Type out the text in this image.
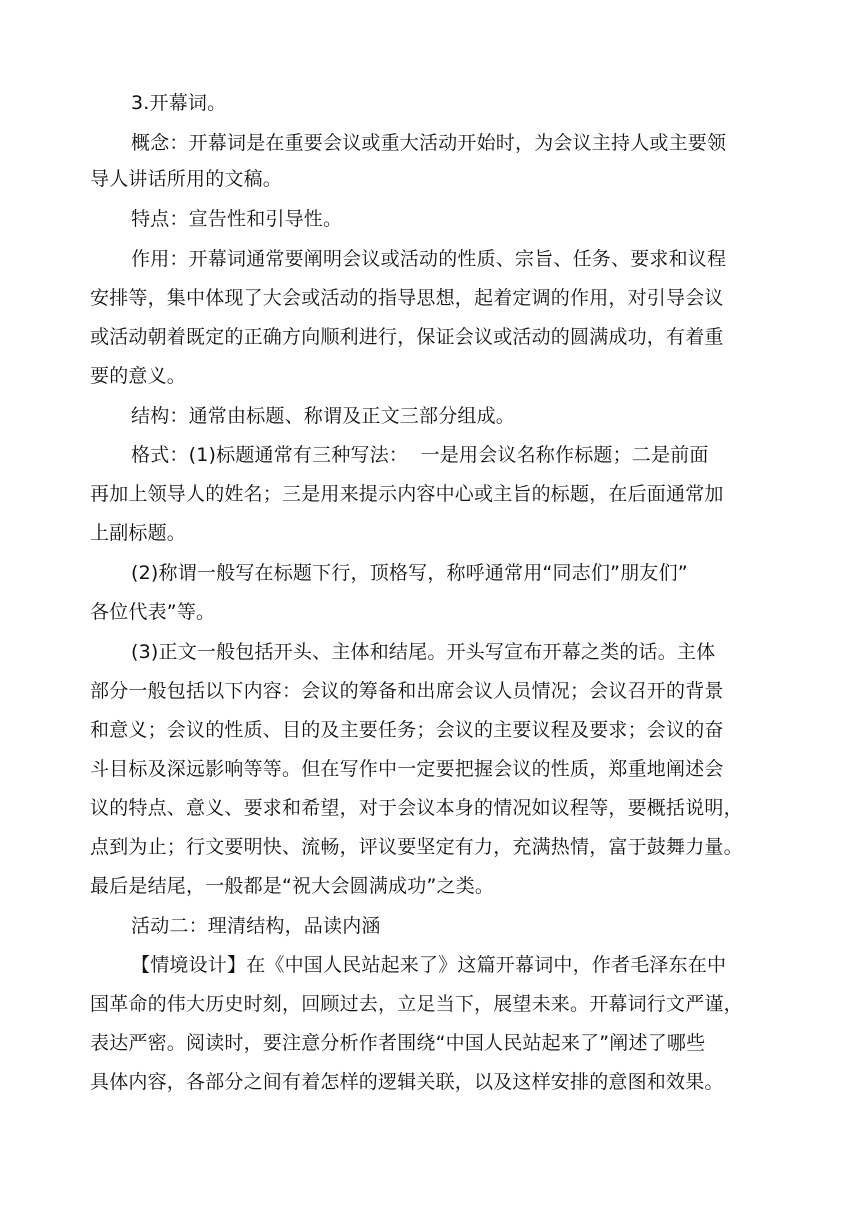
3.开幕词。
概念：开幕词是在重要会议或重大活动开始时，为会议主持人或主要领
导人讲话所用的文稿。
特点：宣告性和引导性。
作用：开幕词通常要阐明会议或活动的性质、宗旨、任务、要求和议程
安排等，集中体现了大会或活动的指导思想，起着定调的作用，对引导会议
或活动朝着既定的正确方向顺利进行，保证会议或活动的圆满成功，有着重
要的意义。
结构：通常由标题、称谓及正文三部分组成。
格式：(1)标题通常有三种写法：  一是用会议名称作标题；二是前面
再加上领导人的姓名；三是用来提示内容中心或主旨的标题，在后面通常加
上副标题。
(2)称谓一般写在标题下行，顶格写，称呼通常用“同志们”朋友们”
各位代表”等。
(3)正文一般包括开头、主体和结尾。开头写宣布开幕之类的话。主体
部分一般包括以下内容：会议的筹备和出席会议人员情况；会议召开的背景
和意义；会议的性质、目的及主要任务；会议的主要议程及要求；会议的奋
斗目标及深远影响等等。但在写作中一定要把握会议的性质，郑重地阐述会
议的特点、意义、要求和希望，对于会议本身的情况如议程等，要概括说明，
点到为止；行文要明快、流畅，评议要坚定有力，充满热情，富于鼓舞力量。
最后是结尾，一般都是“祝大会圆满成功”之类。
活动二：理清结构，品读内涵
【情境设计】在《中国人民站起来了》这篇开幕词中，作者毛泽东在中
国革命的伟大历史时刻，回顾过去，立足当下，展望未来。开幕词行文严谨，
表达严密。阅读时，要注意分析作者围绕“中国人民站起来了”阐述了哪些
具体内容，各部分之间有着怎样的逻辑关联，以及这样安排的意图和效果。
